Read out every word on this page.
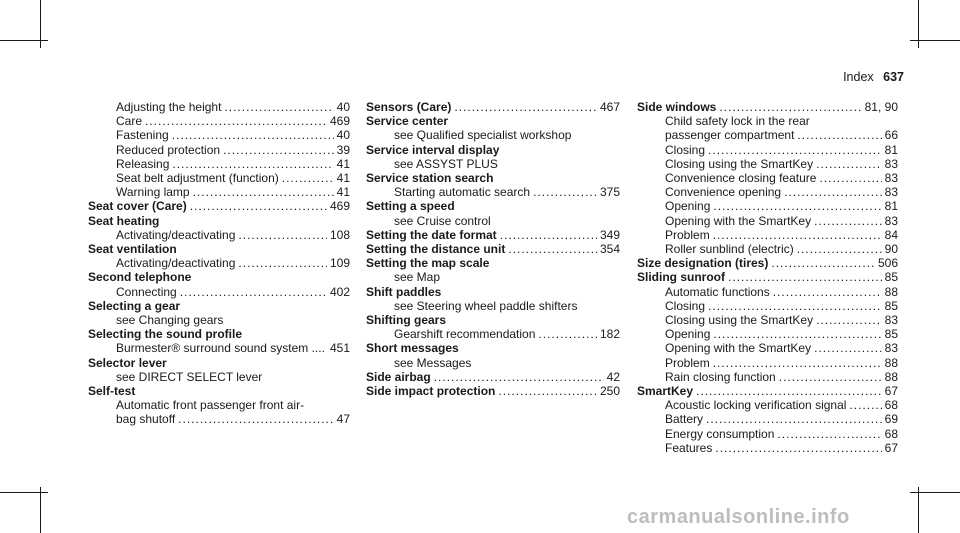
Index 637
Adjusting the height .....	40
Care .....	469
Fastening .....	40
Reduced protection .....	39
Releasing .....	41
Seat belt adjustment (function) .....	41
Warning lamp .....	41
Seat cover (Care) .....	469
Seat heating
Activating/deactivating .....	108
Seat ventilation
Activating/deactivating .....	109
Second telephone
Connecting .....	402
Selecting a gear
see Changing gears
Selecting the sound profile
Burmester® surround sound system .... 451
Selector lever
see DIRECT SELECT lever
Self-test
Automatic front passenger front air-
bag shutoff .....	47
Sensors (Care) .....	467
Service center
see Qualified specialist workshop
Service interval display
see ASSYST PLUS
Service station search
Starting automatic search .....	375
Setting a speed
see Cruise control
Setting the date format .....	349
Setting the distance unit .....	354
Setting the map scale
see Map
Shift paddles
see Steering wheel paddle shifters
Shifting gears
Gearshift recommendation .....	182
Short messages
see Messages
Side airbag .....	42
Side impact protection .....	250
Side windows .....	81, 90
Child safety lock in the rear
passenger compartment .....	66
Closing .....	81
Closing using the SmartKey .....	83
Convenience closing feature .....	83
Convenience opening .....	83
Opening .....	81
Opening with the SmartKey .....	83
Problem .....	84
Roller sunblind (electric) .....	90
Size designation (tires) .....	506
Sliding sunroof .....	85
Automatic functions .....	88
Closing .....	85
Closing using the SmartKey .....	83
Opening .....	85
Opening with the SmartKey .....	83
Problem .....	88
Rain closing function .....	88
SmartKey .....	67
Acoustic locking verification signal .....	68
Battery .....	69
Energy consumption .....	68
Features .....	67
carmanualsonline.info
